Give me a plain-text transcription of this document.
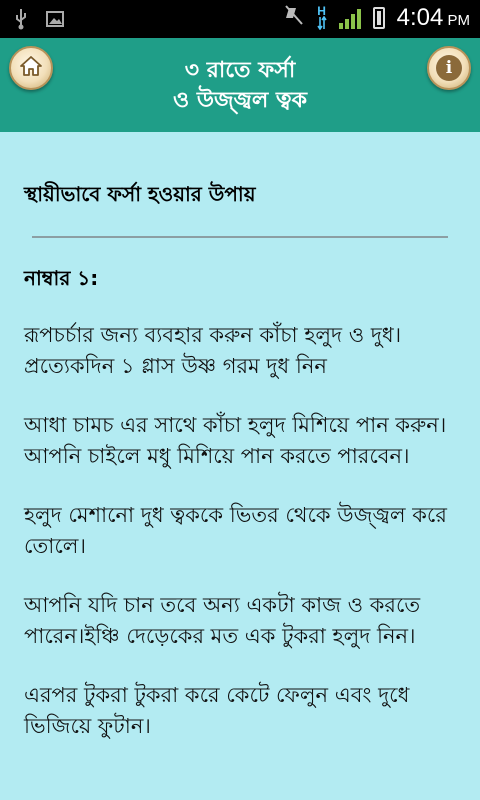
H	4:04 PM
৩ রাতে ফর্সা
ও উজ্জ্বল ত্বক
i
স্থায়ীভাবে ফর্সা হওয়ার উপায়
নাম্বার ১:

রূপচর্চার জন্য ব্যবহার করুন কাঁচা হলুদ ও দুধ। প্রত্যেকদিন ১ গ্লাস উষ্ণ গরম দুধ নিন

আধা চামচ এর সাথে কাঁচা হলুদ মিশিয়ে পান করুন। আপনি চাইলে মধু মিশিয়ে পান করতে পারবেন।

হলুদ মেশানো দুধ ত্বককে ভিতর থেকে উজ্জ্বল করে তোলে।

আপনি যদি চান তবে অন্য একটা কাজ ও করতে পারেন।ইঞ্চি দেড়েকের মত এক টুকরা হলুদ নিন।

এরপর টুকরা টুকরা করে কেটে ফেলুন এবং দুধে ভিজিয়ে ফুটান।
